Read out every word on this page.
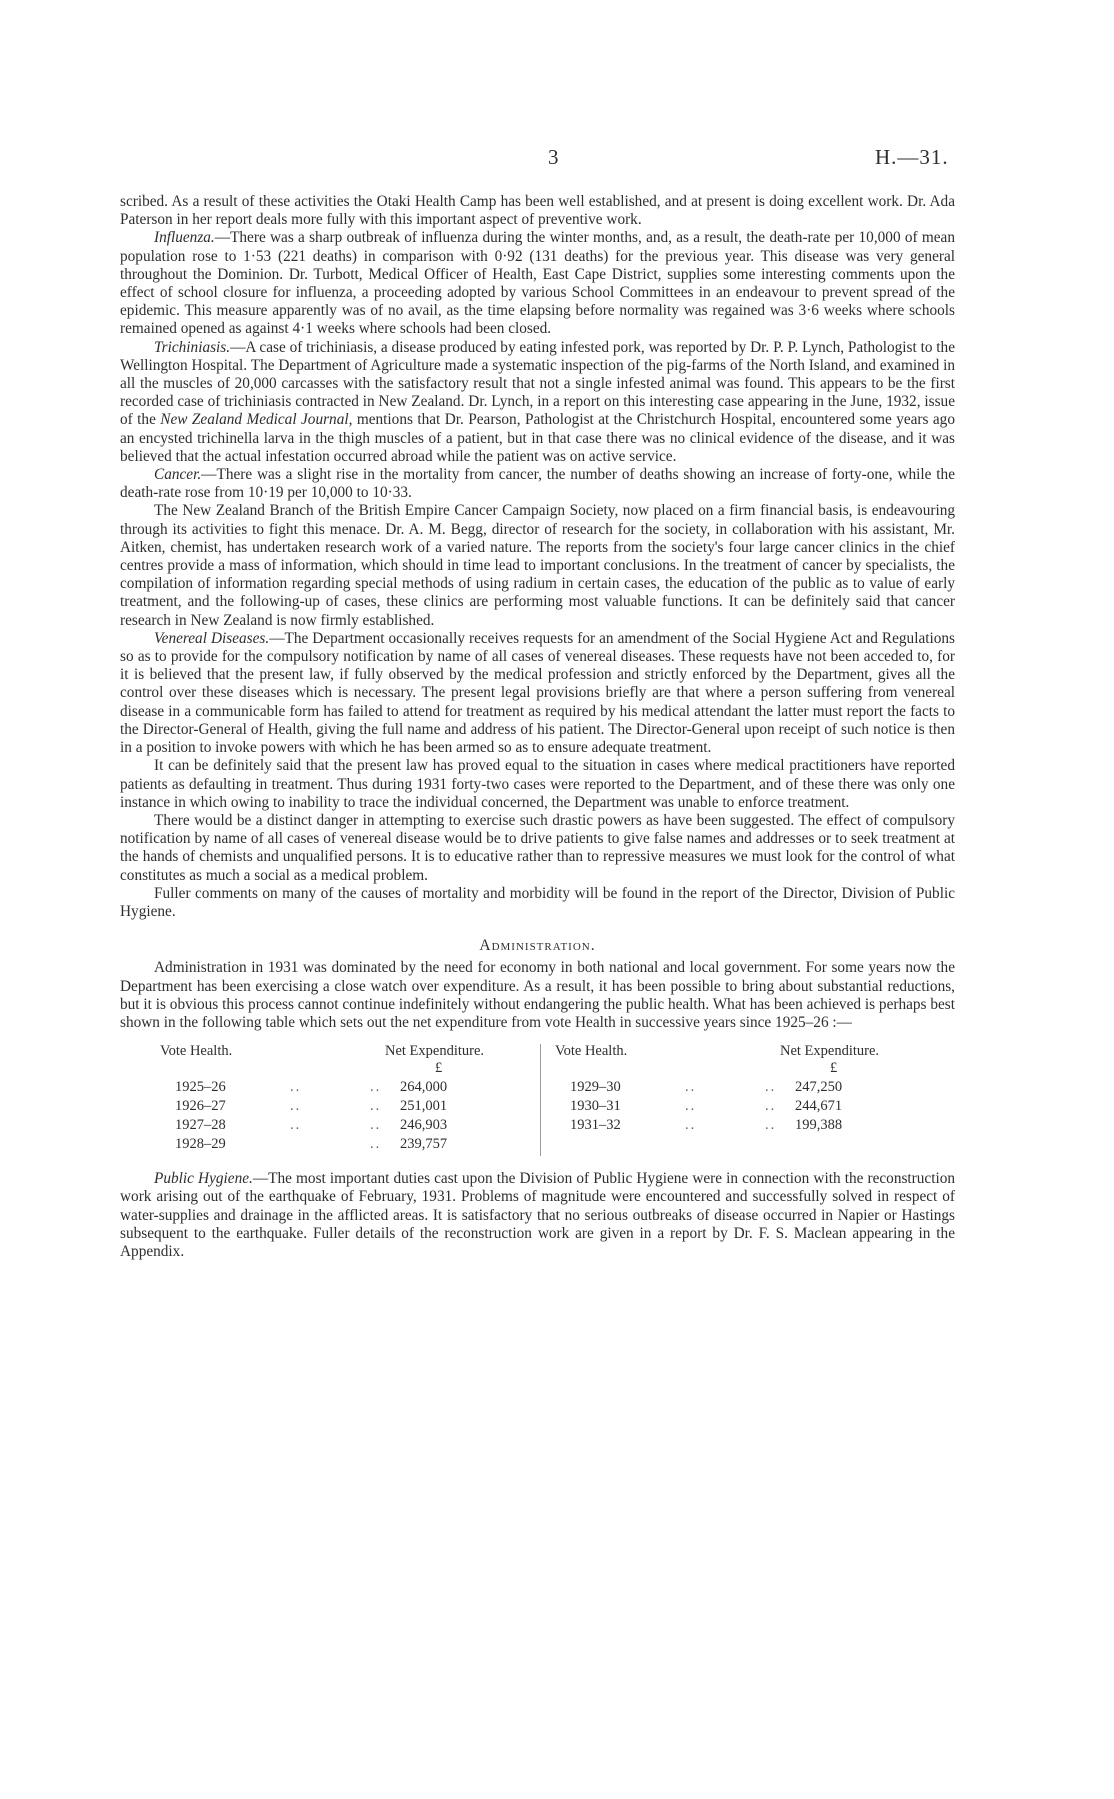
3	H.—31.

scribed. As a result of these activities the Otaki Health Camp has been well established, and at present is doing excellent work. Dr. Ada Paterson in her report deals more fully with this important aspect of preventive work.

Influenza.—There was a sharp outbreak of influenza during the winter months, and, as a result, the death-rate per 10,000 of mean population rose to 1·53 (221 deaths) in comparison with 0·92 (131 deaths) for the previous year. This disease was very general throughout the Dominion. Dr. Turbott, Medical Officer of Health, East Cape District, supplies some interesting comments upon the effect of school closure for influenza, a proceeding adopted by various School Committees in an endeavour to prevent spread of the epidemic. This measure apparently was of no avail, as the time elapsing before normality was regained was 3·6 weeks where schools remained opened as against 4·1 weeks where schools had been closed.

Trichiniasis.—A case of trichiniasis, a disease produced by eating infested pork, was reported by Dr. P. P. Lynch, Pathologist to the Wellington Hospital. The Department of Agriculture made a systematic inspection of the pig-farms of the North Island, and examined in all the muscles of 20,000 carcasses with the satisfactory result that not a single infested animal was found. This appears to be the first recorded case of trichiniasis contracted in New Zealand. Dr. Lynch, in a report on this interesting case appearing in the June, 1932, issue of the New Zealand Medical Journal, mentions that Dr. Pearson, Pathologist at the Christchurch Hospital, encountered some years ago an encysted trichinella larva in the thigh muscles of a patient, but in that case there was no clinical evidence of the disease, and it was believed that the actual infestation occurred abroad while the patient was on active service.

Cancer.—There was a slight rise in the mortality from cancer, the number of deaths showing an increase of forty-one, while the death-rate rose from 10·19 per 10,000 to 10·33.

The New Zealand Branch of the British Empire Cancer Campaign Society, now placed on a firm financial basis, is endeavouring through its activities to fight this menace. Dr. A. M. Begg, director of research for the society, in collaboration with his assistant, Mr. Aitken, chemist, has undertaken research work of a varied nature. The reports from the society's four large cancer clinics in the chief centres provide a mass of information, which should in time lead to important conclusions. In the treatment of cancer by specialists, the compilation of information regarding special methods of using radium in certain cases, the education of the public as to value of early treatment, and the following-up of cases, these clinics are performing most valuable functions. It can be definitely said that cancer research in New Zealand is now firmly established.

Venereal Diseases.—The Department occasionally receives requests for an amendment of the Social Hygiene Act and Regulations so as to provide for the compulsory notification by name of all cases of venereal diseases. These requests have not been acceded to, for it is believed that the present law, if fully observed by the medical profession and strictly enforced by the Department, gives all the control over these diseases which is necessary. The present legal provisions briefly are that where a person suffering from venereal disease in a communicable form has failed to attend for treatment as required by his medical attendant the latter must report the facts to the Director-General of Health, giving the full name and address of his patient. The Director-General upon receipt of such notice is then in a position to invoke powers with which he has been armed so as to ensure adequate treatment.

It can be definitely said that the present law has proved equal to the situation in cases where medical practitioners have reported patients as defaulting in treatment. Thus during 1931 forty-two cases were reported to the Department, and of these there was only one instance in which owing to inability to trace the individual concerned, the Department was unable to enforce treatment.

There would be a distinct danger in attempting to exercise such drastic powers as have been suggested. The effect of compulsory notification by name of all cases of venereal disease would be to drive patients to give false names and addresses or to seek treatment at the hands of chemists and unqualified persons. It is to educative rather than to repressive measures we must look for the control of what constitutes as much a social as a medical problem.

Fuller comments on many of the causes of mortality and morbidity will be found in the report of the Director, Division of Public Hygiene.

Administration.

Administration in 1931 was dominated by the need for economy in both national and local government. For some years now the Department has been exercising a close watch over expenditure. As a result, it has been possible to bring about substantial reductions, but it is obvious this process cannot continue indefinitely without endangering the public health. What has been achieved is perhaps best shown in the following table which sets out the net expenditure from vote Health in successive years since 1925–26 :—

Vote Health.	Net Expenditure.
£
1925–26	..	.. 264,000
1926–27	..	.. 251,001
1927–28	..	.. 246,903
1928–29	.. 239,757
Vote Health.	Net Expenditure.
£
1929–30	..	.. 247,250
1930–31	..	.. 244,671
1931–32	..	.. 199,388

Public Hygiene.—The most important duties cast upon the Division of Public Hygiene were in connection with the reconstruction work arising out of the earthquake of February, 1931. Problems of magnitude were encountered and successfully solved in respect of water-supplies and drainage in the afflicted areas. It is satisfactory that no serious outbreaks of disease occurred in Napier or Hastings subsequent to the earthquake. Fuller details of the reconstruction work are given in a report by Dr. F. S. Maclean appearing in the Appendix.
